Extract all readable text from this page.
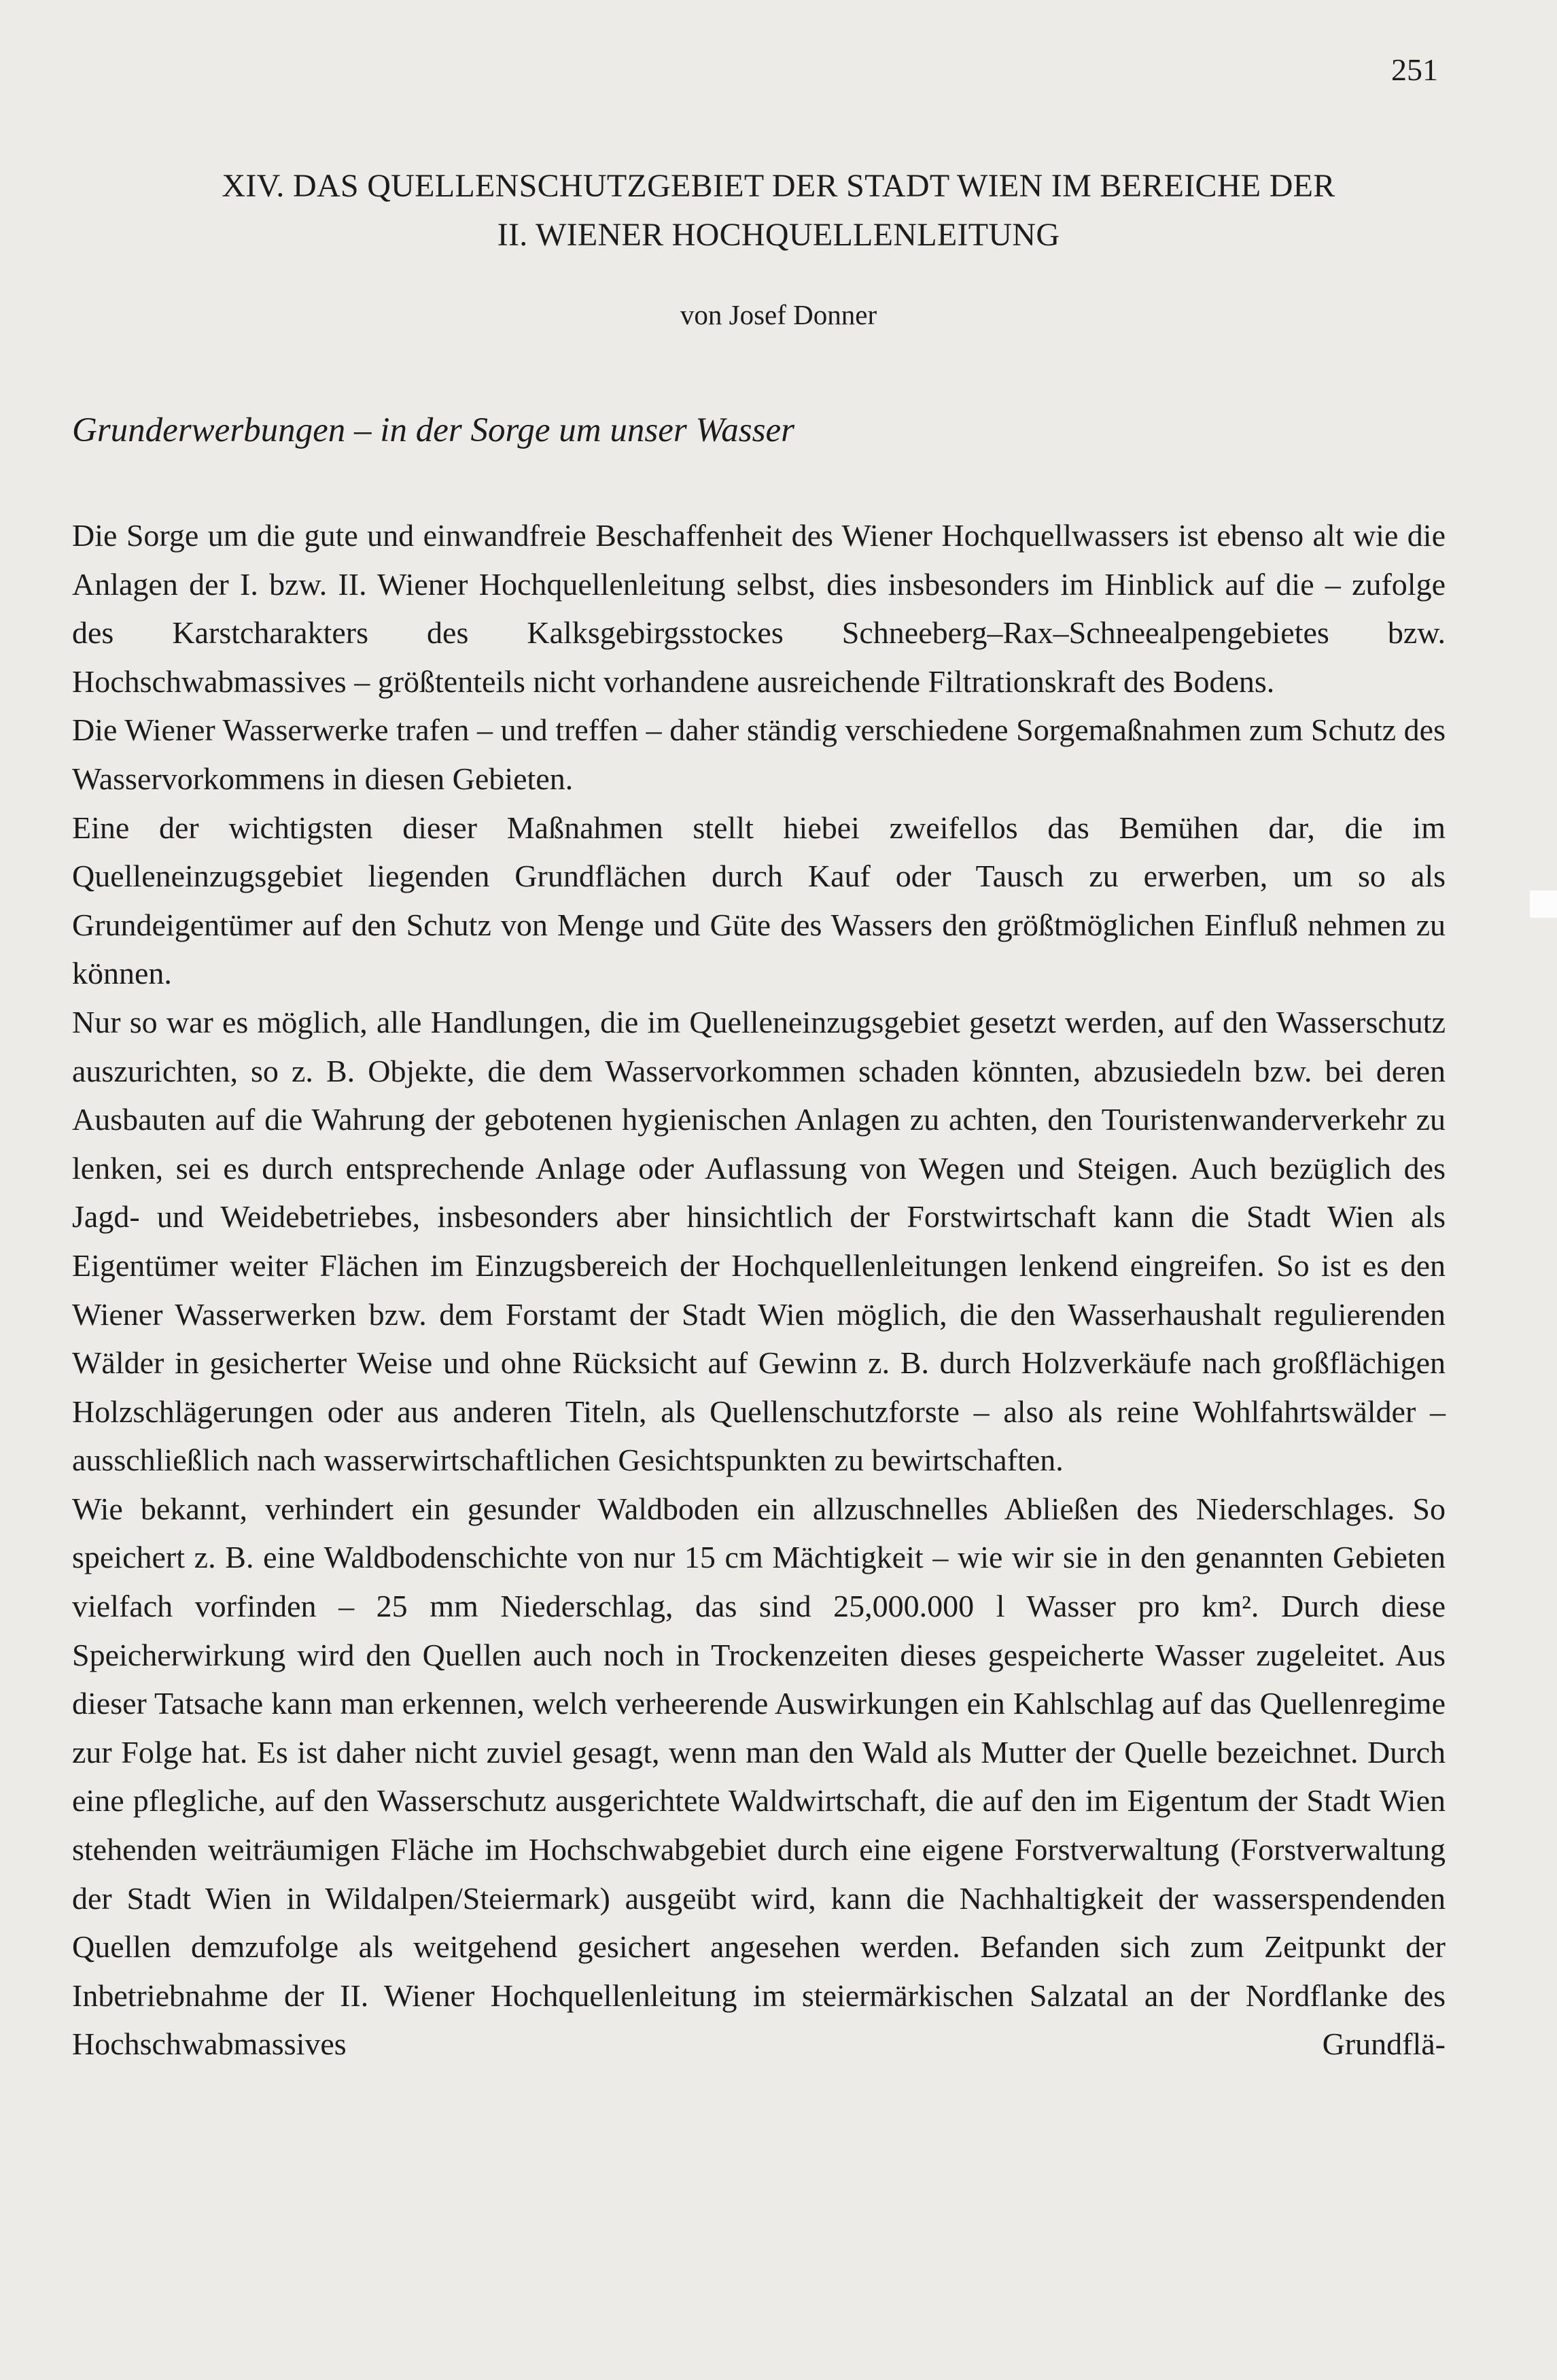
251
XIV. DAS QUELLENSCHUTZGEBIET DER STADT WIEN IM BEREICHE DER
II. WIENER HOCHQUELLENLEITUNG
von Josef Donner
Grunderwerbungen – in der Sorge um unser Wasser

Die Sorge um die gute und einwandfreie Beschaffenheit des Wiener Hochquellwassers ist ebenso alt wie die Anlagen der I. bzw. II. Wiener Hochquellenleitung selbst, dies insbesonders im Hinblick auf die – zufolge des Karstcharakters des Kalksgebirgsstockes Schneeberg–Rax–Schneealpengebietes bzw. Hochschwabmassives – größtenteils nicht vorhandene ausreichende Filtrationskraft des Bodens.

Die Wiener Wasserwerke trafen – und treffen – daher ständig verschiedene Sorgemaßnahmen zum Schutz des Wasservorkommens in diesen Gebieten.

Eine der wichtigsten dieser Maßnahmen stellt hiebei zweifellos das Bemühen dar, die im Quelleneinzugsgebiet liegenden Grundflächen durch Kauf oder Tausch zu erwerben, um so als Grundeigentümer auf den Schutz von Menge und Güte des Wassers den größtmöglichen Einfluß nehmen zu können.

Nur so war es möglich, alle Handlungen, die im Quelleneinzugsgebiet gesetzt werden, auf den Wasserschutz auszurichten, so z. B. Objekte, die dem Wasservorkommen schaden könnten, abzusiedeln bzw. bei deren Ausbauten auf die Wahrung der gebotenen hygienischen Anlagen zu achten, den Touristenwanderverkehr zu lenken, sei es durch entsprechende Anlage oder Auflassung von Wegen und Steigen. Auch bezüglich des Jagd- und Weidebetriebes, insbesonders aber hinsichtlich der Forstwirtschaft kann die Stadt Wien als Eigentümer weiter Flächen im Einzugsbereich der Hochquellenleitungen lenkend eingreifen. So ist es den Wiener Wasserwerken bzw. dem Forstamt der Stadt Wien möglich, die den Wasserhaushalt regulierenden Wälder in gesicherter Weise und ohne Rücksicht auf Gewinn z. B. durch Holzverkäufe nach großflächigen Holzschlägerungen oder aus anderen Titeln, als Quellenschutzforste – also als reine Wohlfahrtswälder – ausschließlich nach wasserwirtschaftlichen Gesichtspunkten zu bewirtschaften.

Wie bekannt, verhindert ein gesunder Waldboden ein allzuschnelles Abließen des Niederschlages. So speichert z. B. eine Waldbodenschichte von nur 15 cm Mächtigkeit – wie wir sie in den genannten Gebieten vielfach vorfinden – 25 mm Niederschlag, das sind 25,000.000 l Wasser pro km². Durch diese Speicherwirkung wird den Quellen auch noch in Trockenzeiten dieses gespeicherte Wasser zugeleitet. Aus dieser Tatsache kann man erkennen, welch verheerende Auswirkungen ein Kahlschlag auf das Quellenregime zur Folge hat. Es ist daher nicht zuviel gesagt, wenn man den Wald als Mutter der Quelle bezeichnet. Durch eine pflegliche, auf den Wasserschutz ausgerichtete Waldwirtschaft, die auf den im Eigentum der Stadt Wien stehenden weiträumigen Fläche im Hochschwabgebiet durch eine eigene Forstverwaltung (Forstverwaltung der Stadt Wien in Wildalpen/Steiermark) ausgeübt wird, kann die Nachhaltigkeit der wasserspendenden Quellen demzufolge als weitgehend gesichert angesehen werden. Befanden sich zum Zeitpunkt der Inbetriebnahme der II. Wiener Hochquellenleitung im steiermärkischen Salzatal an der Nordflanke des Hochschwabmassives Grundflä-
